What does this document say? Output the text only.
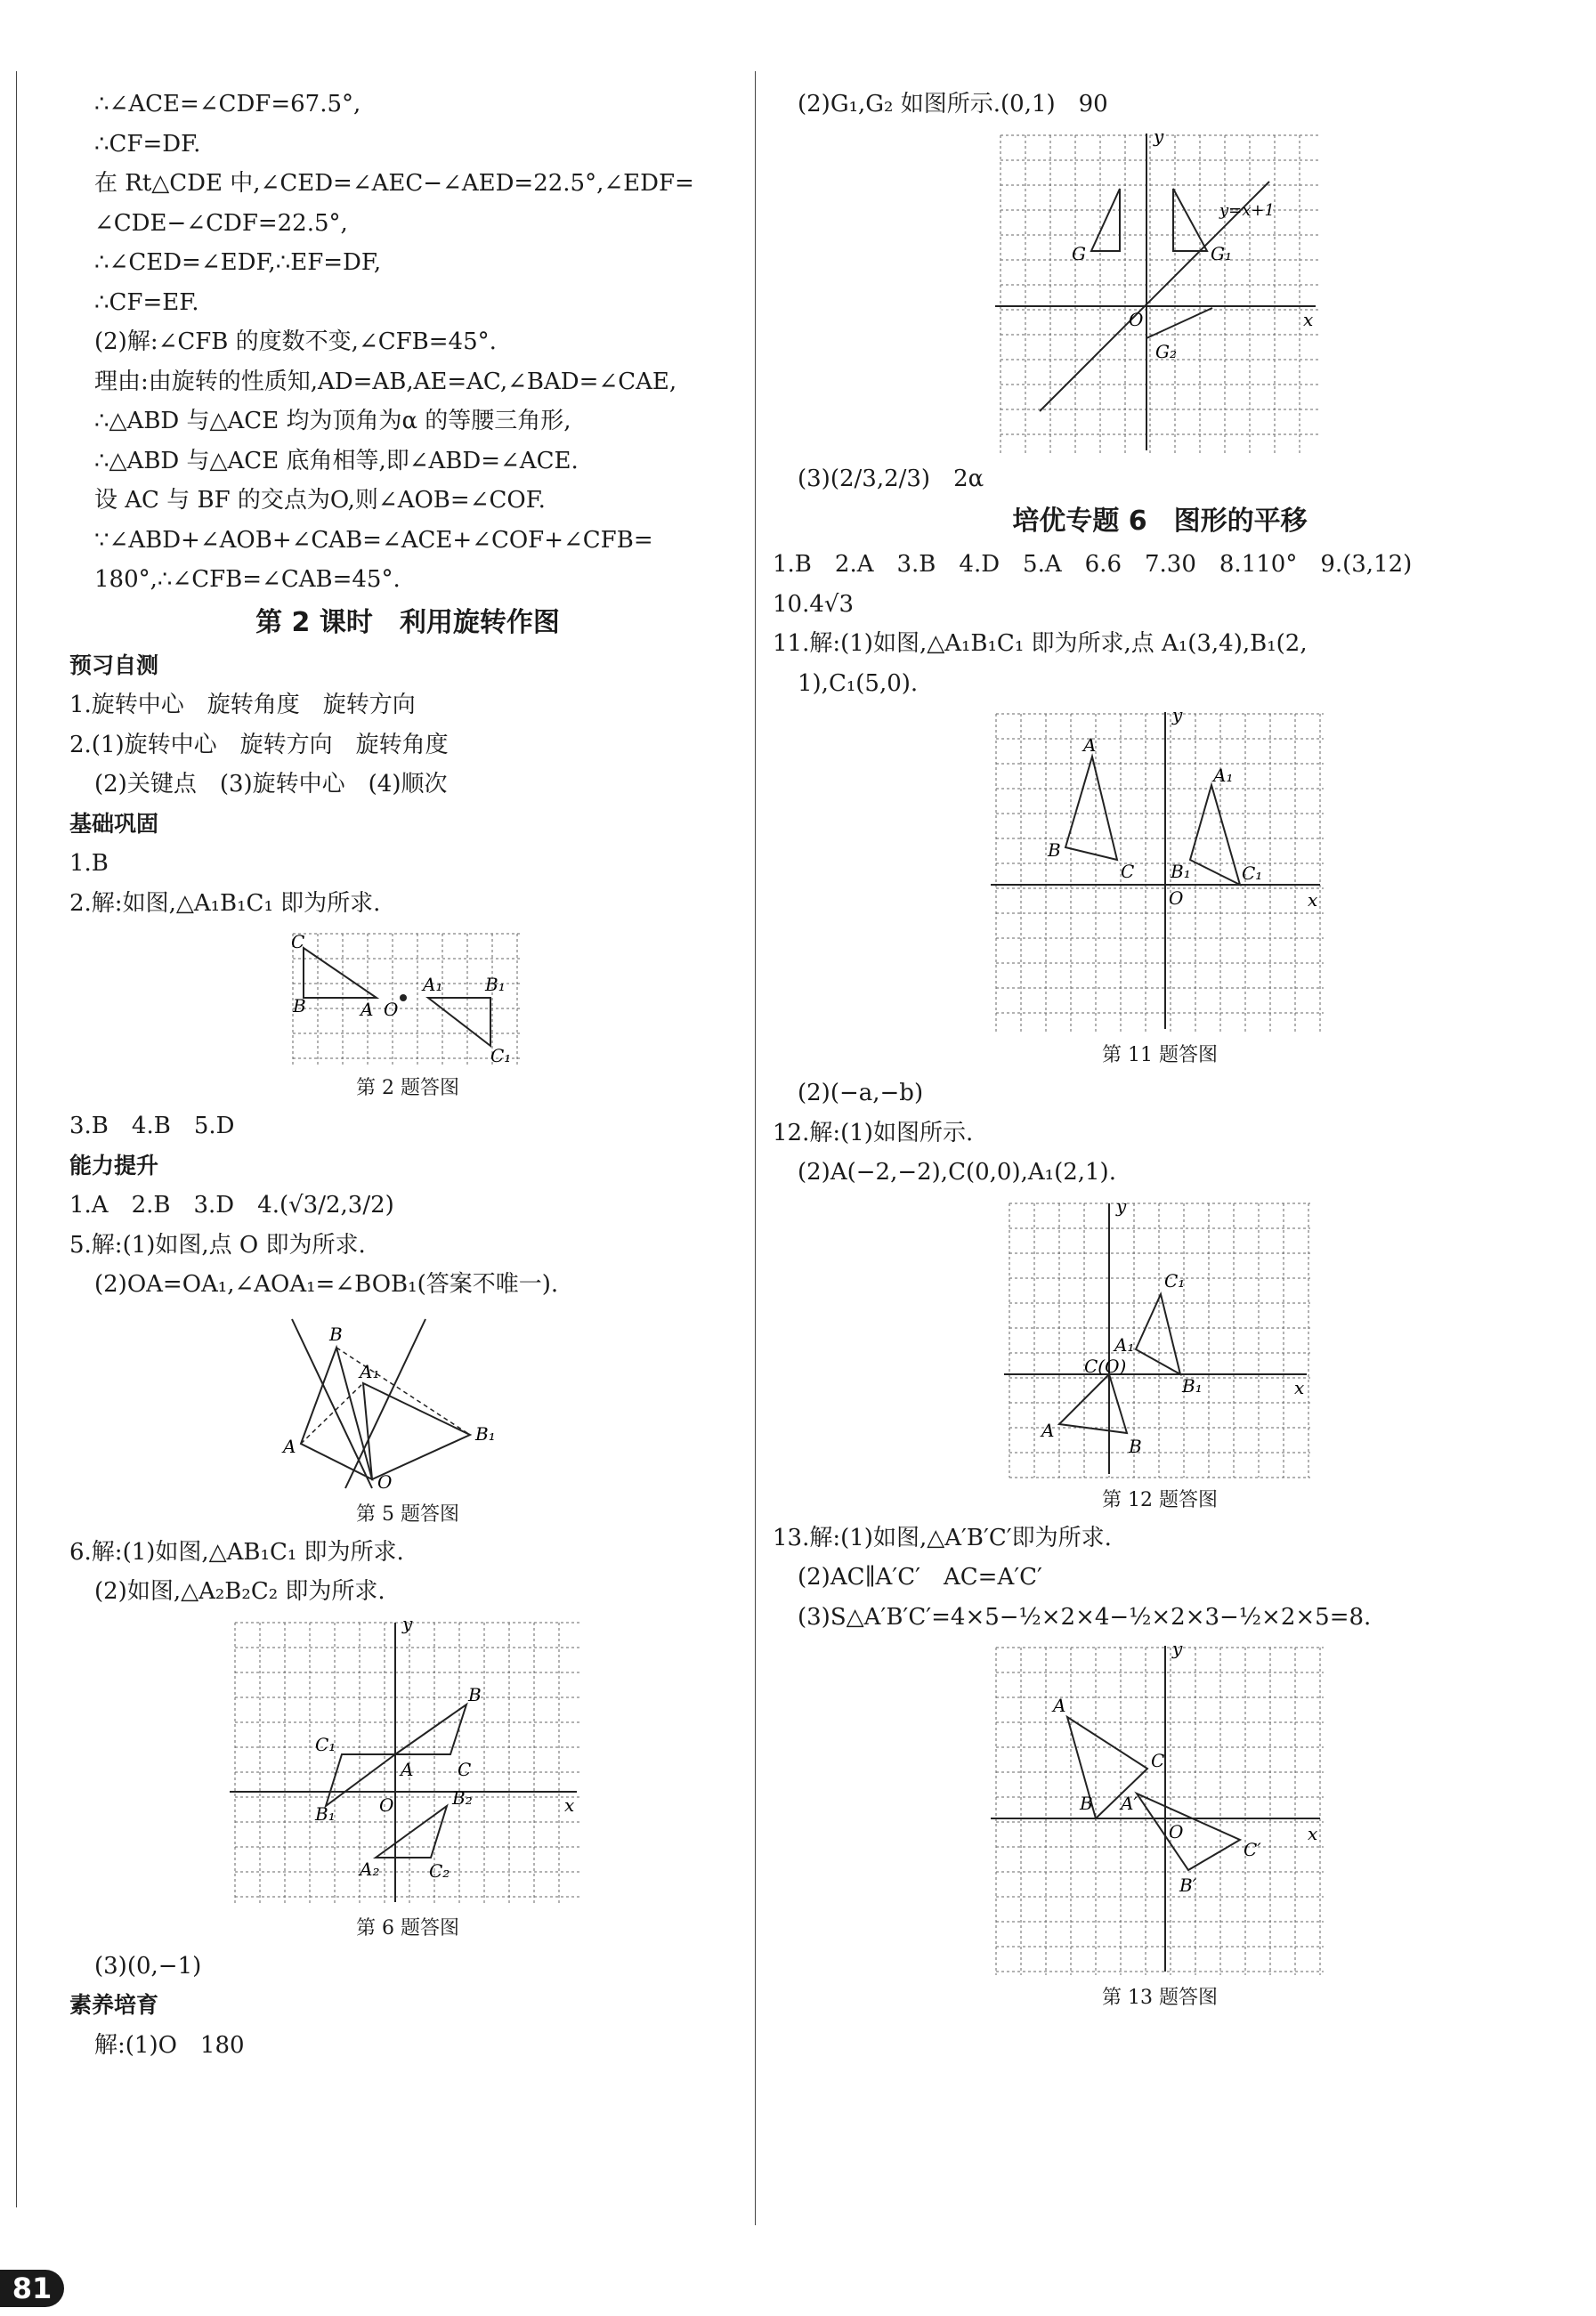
∴∠ACE=∠CDF=67.5°,
∴CF=DF.
在 Rt△CDE 中,∠CED=∠AEC−∠AED=22.5°,∠EDF=
∠CDE−∠CDF=22.5°,
∴∠CED=∠EDF,∴EF=DF,
∴CF=EF.
(2)解:∠CFB 的度数不变,∠CFB=45°.
理由:由旋转的性质知,AD=AB,AE=AC,∠BAD=∠CAE,
∴△ABD 与△ACE 均为顶角为α 的等腰三角形,
∴△ABD 与△ACE 底角相等,即∠ABD=∠ACE.
设 AC 与 BF 的交点为O,则∠AOB=∠COF.
∵∠ABD+∠AOB+∠CAB=∠ACE+∠COF+∠CFB=
180°,∴∠CFB=∠CAB=45°.
第 2 课时　利用旋转作图
预习自测
1.旋转中心　旋转角度　旋转方向
2.(1)旋转中心　旋转方向　旋转角度
(2)关键点　(3)旋转中心　(4)顺次
基础巩固
1.B
2.解:如图,△A₁B₁C₁ 即为所求.
C
B	A O
A₁ B₁
C₁
第 2 题答图
3.B　4.B　5.D
能力提升
1.A　2.B　3.D　4.(√3/2,3/2)
5.解:(1)如图,点 O 即为所求.
(2)OA=OA₁,∠AOA₁=∠BOB₁(答案不唯一).
B
A₁
B₁
A
O
第 5 题答图
6.解:(1)如图,△AB₁C₁ 即为所求.
(2)如图,△A₂B₂C₂ 即为所求.
y
x
O
B
C₁
A C
B₁
B₂
A₂	C₂
第 6 题答图
(3)(0,−1)
素养培育
解:(1)O　180
(2)G₁,G₂ 如图所示.(0,1)　90
y
x
O
G	G₁
G₂
y=x+1
(3)(2/3,2/3)　2α
培优专题 6　图形的平移
1.B　2.A　3.B　4.D　5.A　6.6　7.30　8.110°　9.(3,12)
10.4√3
11.解:(1)如图,△A₁B₁C₁ 即为所求,点 A₁(3,4),B₁(2,
1),C₁(5,0).
y
x
O
A
B
C
A₁
B₁	C₁
第 11 题答图
(2)(−a,−b)
12.解:(1)如图所示.
(2)A(−2,−2),C(0,0),A₁(2,1).
y
x
C₁
A₁
C(O)
B₁
A
B
第 12 题答图
13.解:(1)如图,△A′B′C′即为所求.
(2)AC∥A′C′　AC=A′C′
(3)S△A′B′C′=4×5−½×2×4−½×2×3−½×2×5=8.
y
x
O
A
B
C
A′
B′
C′
第 13 题答图
81
